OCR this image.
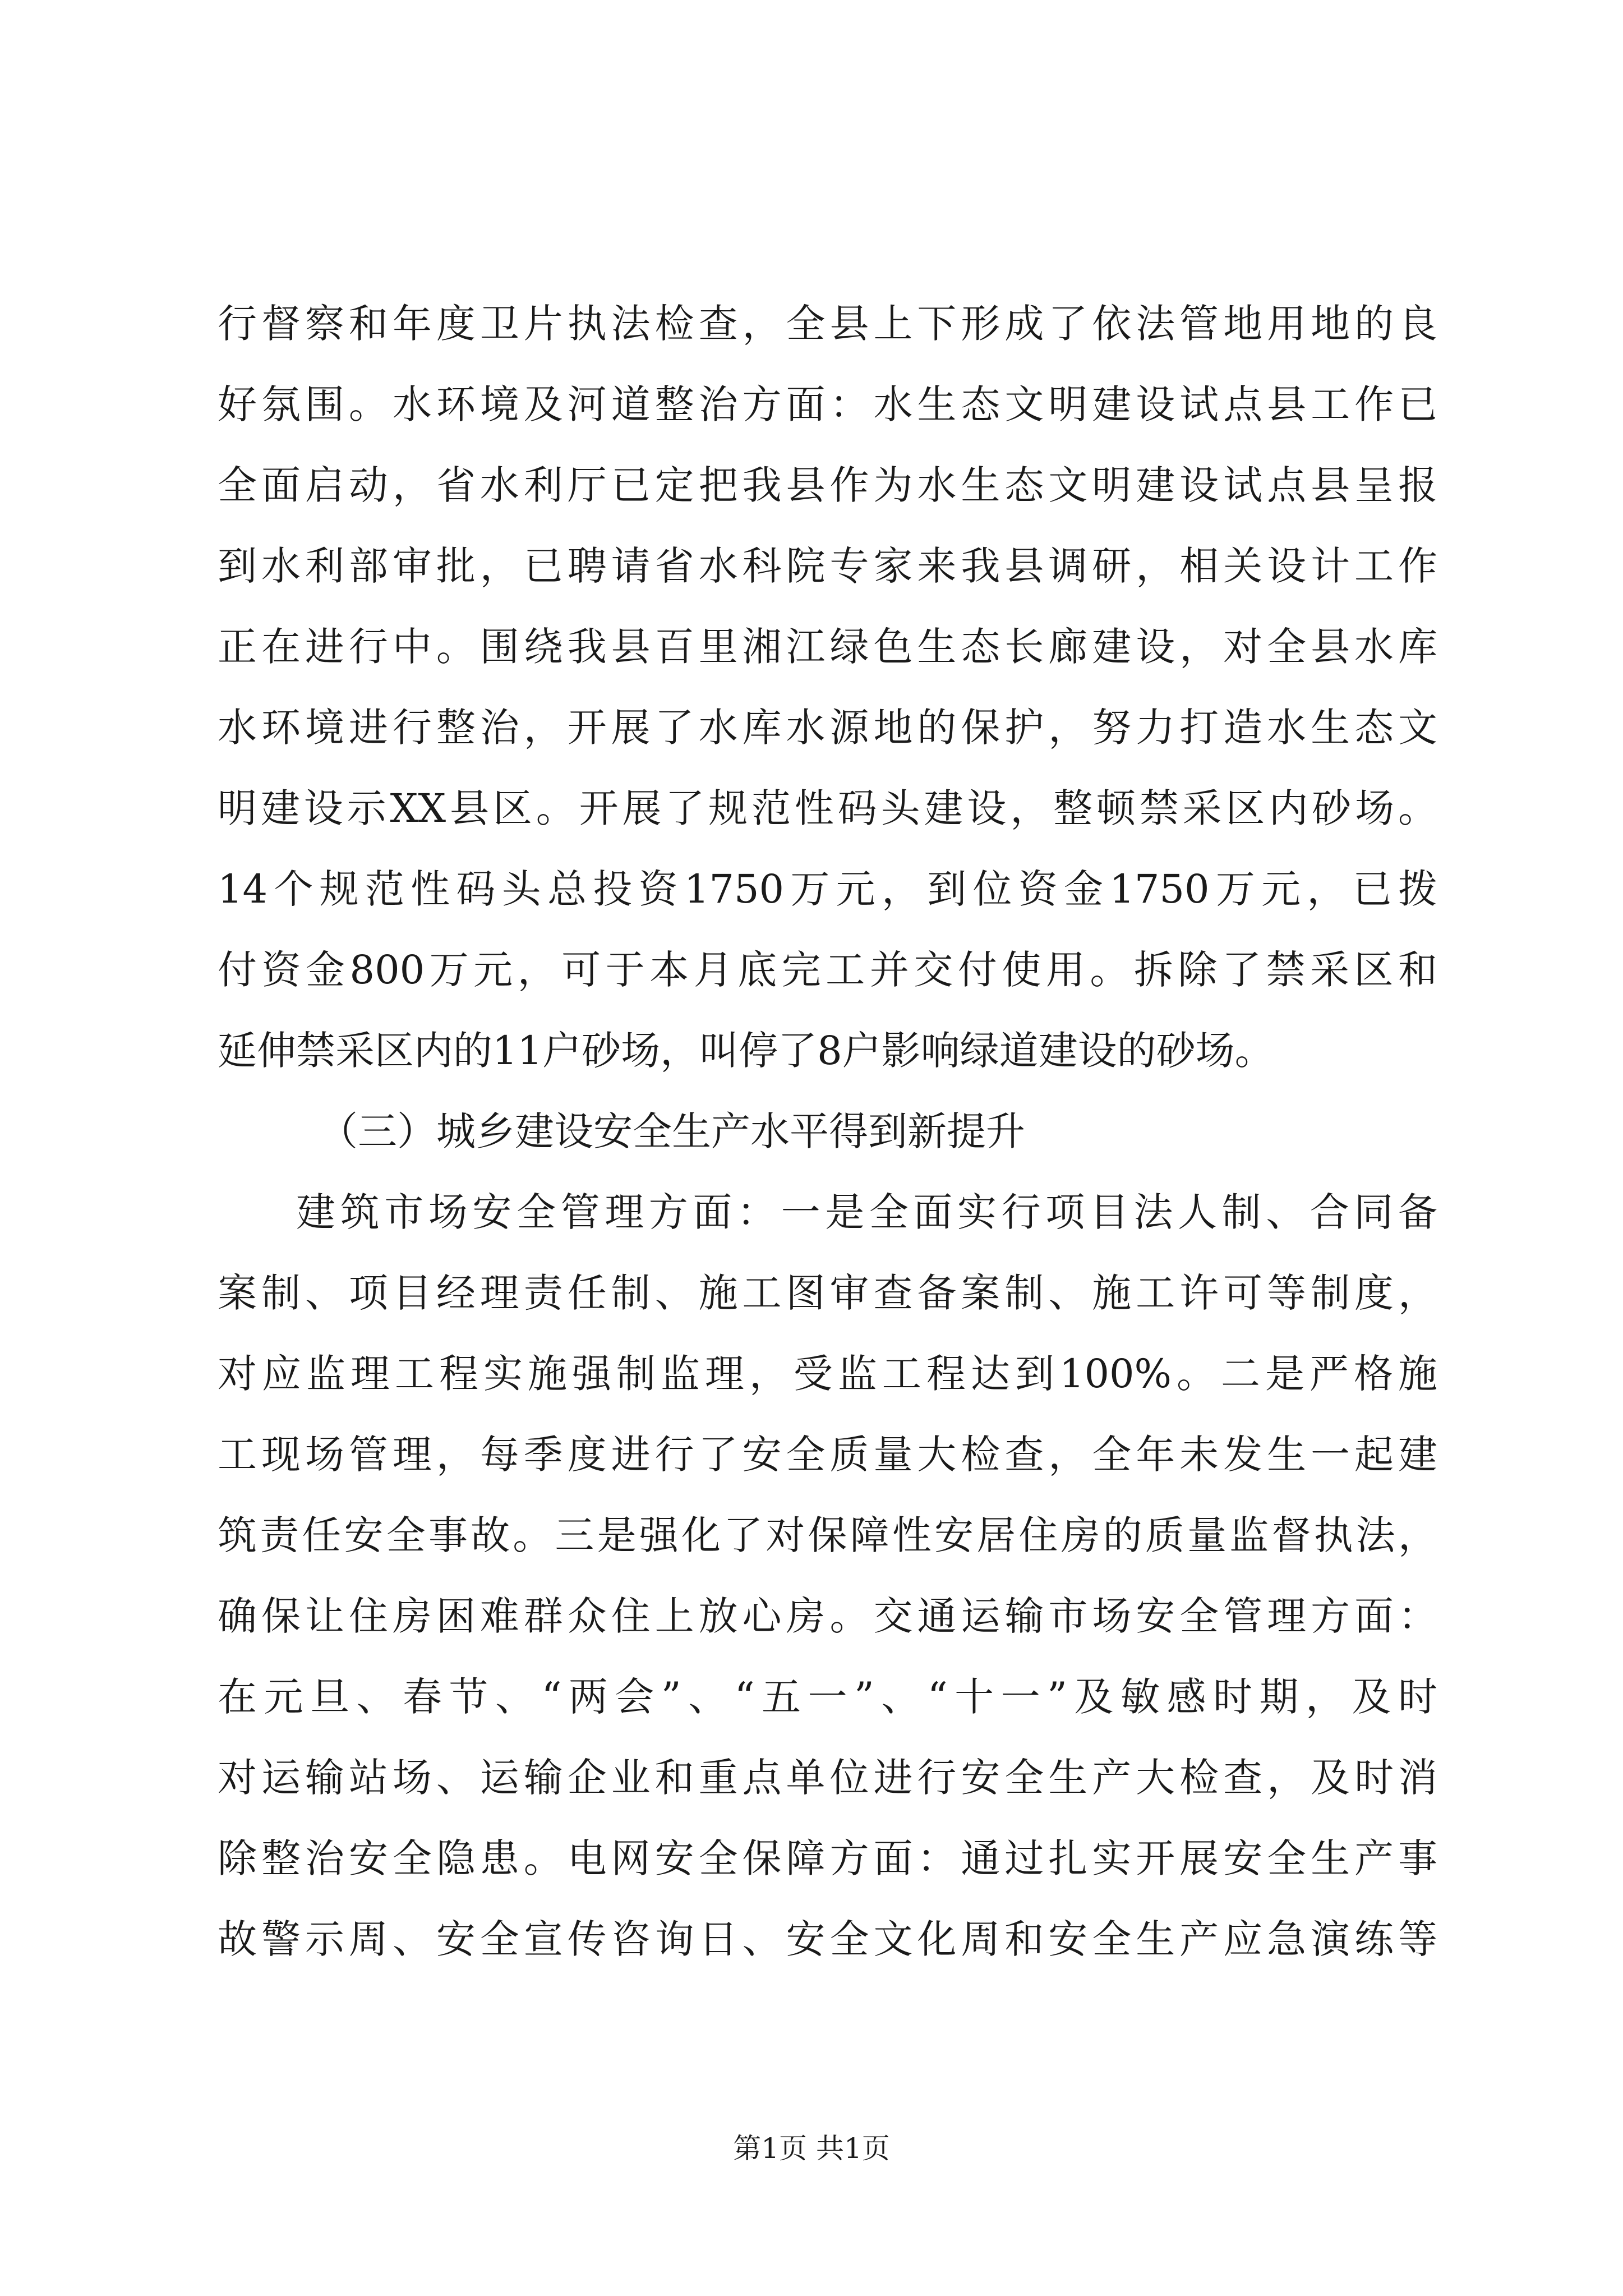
行督察和年度卫片执法检查，全县上下形成了依法管地用地的良
好氛围。水环境及河道整治方面：水生态文明建设试点县工作已
全面启动，省水利厅已定把我县作为水生态文明建设试点县呈报
到水利部审批，已聘请省水科院专家来我县调研，相关设计工作
正在进行中。围绕我县百里湘江绿色生态长廊建设，对全县水库
水环境进行整治，开展了水库水源地的保护，努力打造水生态文
明建设示XX县区。开展了规范性码头建设，整顿禁采区内砂场。
14个规范性码头总投资1750万元，到位资金1750万元，已拨
付资金800万元，可于本月底完工并交付使用。拆除了禁采区和
延伸禁采区内的11户砂场，叫停了8户影响绿道建设的砂场。
（三）城乡建设安全生产水平得到新提升
建筑市场安全管理方面：一是全面实行项目法人制、合同备
案制、项目经理责任制、施工图审查备案制、施工许可等制度，
对应监理工程实施强制监理，受监工程达到100%。二是严格施
工现场管理，每季度进行了安全质量大检查，全年未发生一起建
筑责任安全事故。三是强化了对保障性安居住房的质量监督执法，
确保让住房困难群众住上放心房。交通运输市场安全管理方面：
在元旦、春节、“两会”、“五一”、“十一”及敏感时期，及时
对运输站场、运输企业和重点单位进行安全生产大检查，及时消
除整治安全隐患。电网安全保障方面：通过扎实开展安全生产事
故警示周、安全宣传咨询日、安全文化周和安全生产应急演练等
第1页 共1页
